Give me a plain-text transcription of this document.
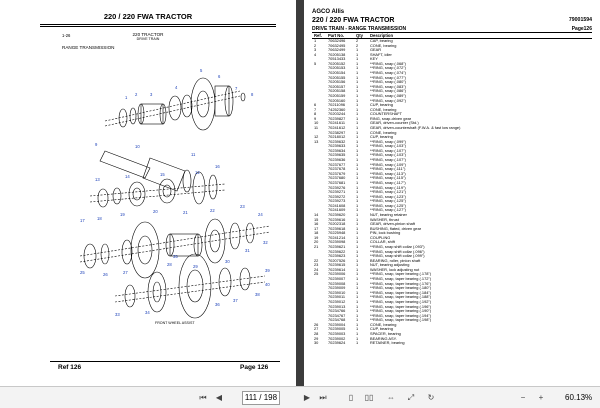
220 / 220 FWA TRACTOR
1-26	220 TRACTOR
DRIVE TRAIN
RANGE TRANSMISSION
1
2	3
4
5
6
7
8
9	10
11
12
13
14	15
16
17	18
19
20	21	22
23
24
25	26	27
28	29
30
31
32
33	34
35
36
37
38
39
40
FRONT WHEEL ASSIST
Ref 126	Page 126
AGCO Allis
220 / 220 FWA TRACTOR	79001594
DRIVE TRAIN - RANGE TRANSMISSION	Page126
Ref. Part No.	Qty Description
1	70632496	2	CAP, bearing
2	70632495	2	CONE, bearing
3	70632499	1	GEAR
4	70205138	1	SHAFT, idler
70513433	1	KEY
5	70205152	1	**RING, snap (.068")
70205153	1	**RING, snap (.072")
70205154	1	**RING, snap (.074")
70205155	1	**RING, snap (.077")
70205156	1	**RING, snap (.080")
70205157	1	**RING, snap (.083")
70205158	1	**RING, snap (.086")
70205159	1	**RING, snap (.089")
70205160	1	**RING, snap (.092")
6	70211096	1	CUP, bearing
7	74252360	1	CONE, bearing
8	70203244	1	COUNTERSHAFT
9	70239827	1	RING, snap-driven gear
10 70241611	1	GEAR, driven-counter (Std.)
11	70241612	1	GEAR, driven-countershaft (F.W.A. & fast low range)
70238297	1	CONE, bearing
12 70218012	1	CUP, bearing
13 70239632	1	**RING, snap (.099")
70239633	1	**RING, snap (.103")
70239634	1	**RING, snap (.107")
70239635	1	**RING, snap (.103")
70239636	1	**RING, snap (.107")
70237677	1	**RING, snap (.109")
70237678	1	**RING, snap (.111")
70237679	1	**RING, snap (.113")
70237680	1	**RING, snap (.115")
70237681	1	**RING, snap (.117")
70239276	1	**RING, snap (.119")
70239271	1	**RING, snap (.121")
70239272	1	**RING, snap (.123")
70239273	1	**RING, snap (.125")
70241608	1	**RING, snap (.125")
70241609	1	**RING, snap (.127")
14 70239620	1	NUT, bearing retainer
15 70239616	1	WASHER, thrust
16 70202318	1	GEAR, driven-pinion shaft
17 70239618	1	BUSHING, flated, driven gear
18 70225948	1	PIN, lock bushing
19 70241214	1	COUPLING
20 70239098	1	COLLAR, shift
21 70239621	1	**RING, snap shift collar (.093")
70239622	1	**RING, snap shift collar (.096")
70239623	1	**RING, snap shift collar (.099")
22 70207526	1	BEARING, roller, pinion shaft
23 70239615	1	NUT, bearing adjusting
24 70239614	1	WASHER, lock adjusting nut
25 70239006	1	**RING, snap, taper bearing (.178")
70239007	1	**RING, snap, taper bearing (.172")
70239008	1	**RING, snap, taper bearing (.176")
70239009	1	**RING, snap, taper bearing (.180")
70239010	1	**RING, snap, taper bearing (.184")
70239011	1	**RING, snap, taper bearing (.188")
70239012	1	**RING, snap, taper bearing (.192")
70239013	1	**RING, snap, taper bearing (.196")
70234766	1	**RING, snap, taper bearing (.190")
70234767	1	**RING, snap, taper bearing (.194")
70234768	1	**RING, snap, taper bearing (.198")
26 70239004	1	CONE, bearing
27 70239005	1	CUP, bearing
28 70239003	1	SPACER, bearing
29 70239002	1	BEARING ASY.
30 70239624	1	RETAINER, bearing
⏮	◀	111 / 198	▶	⏭	▯	▯▯	⇔	⤢	↻	−	+	60.13%
